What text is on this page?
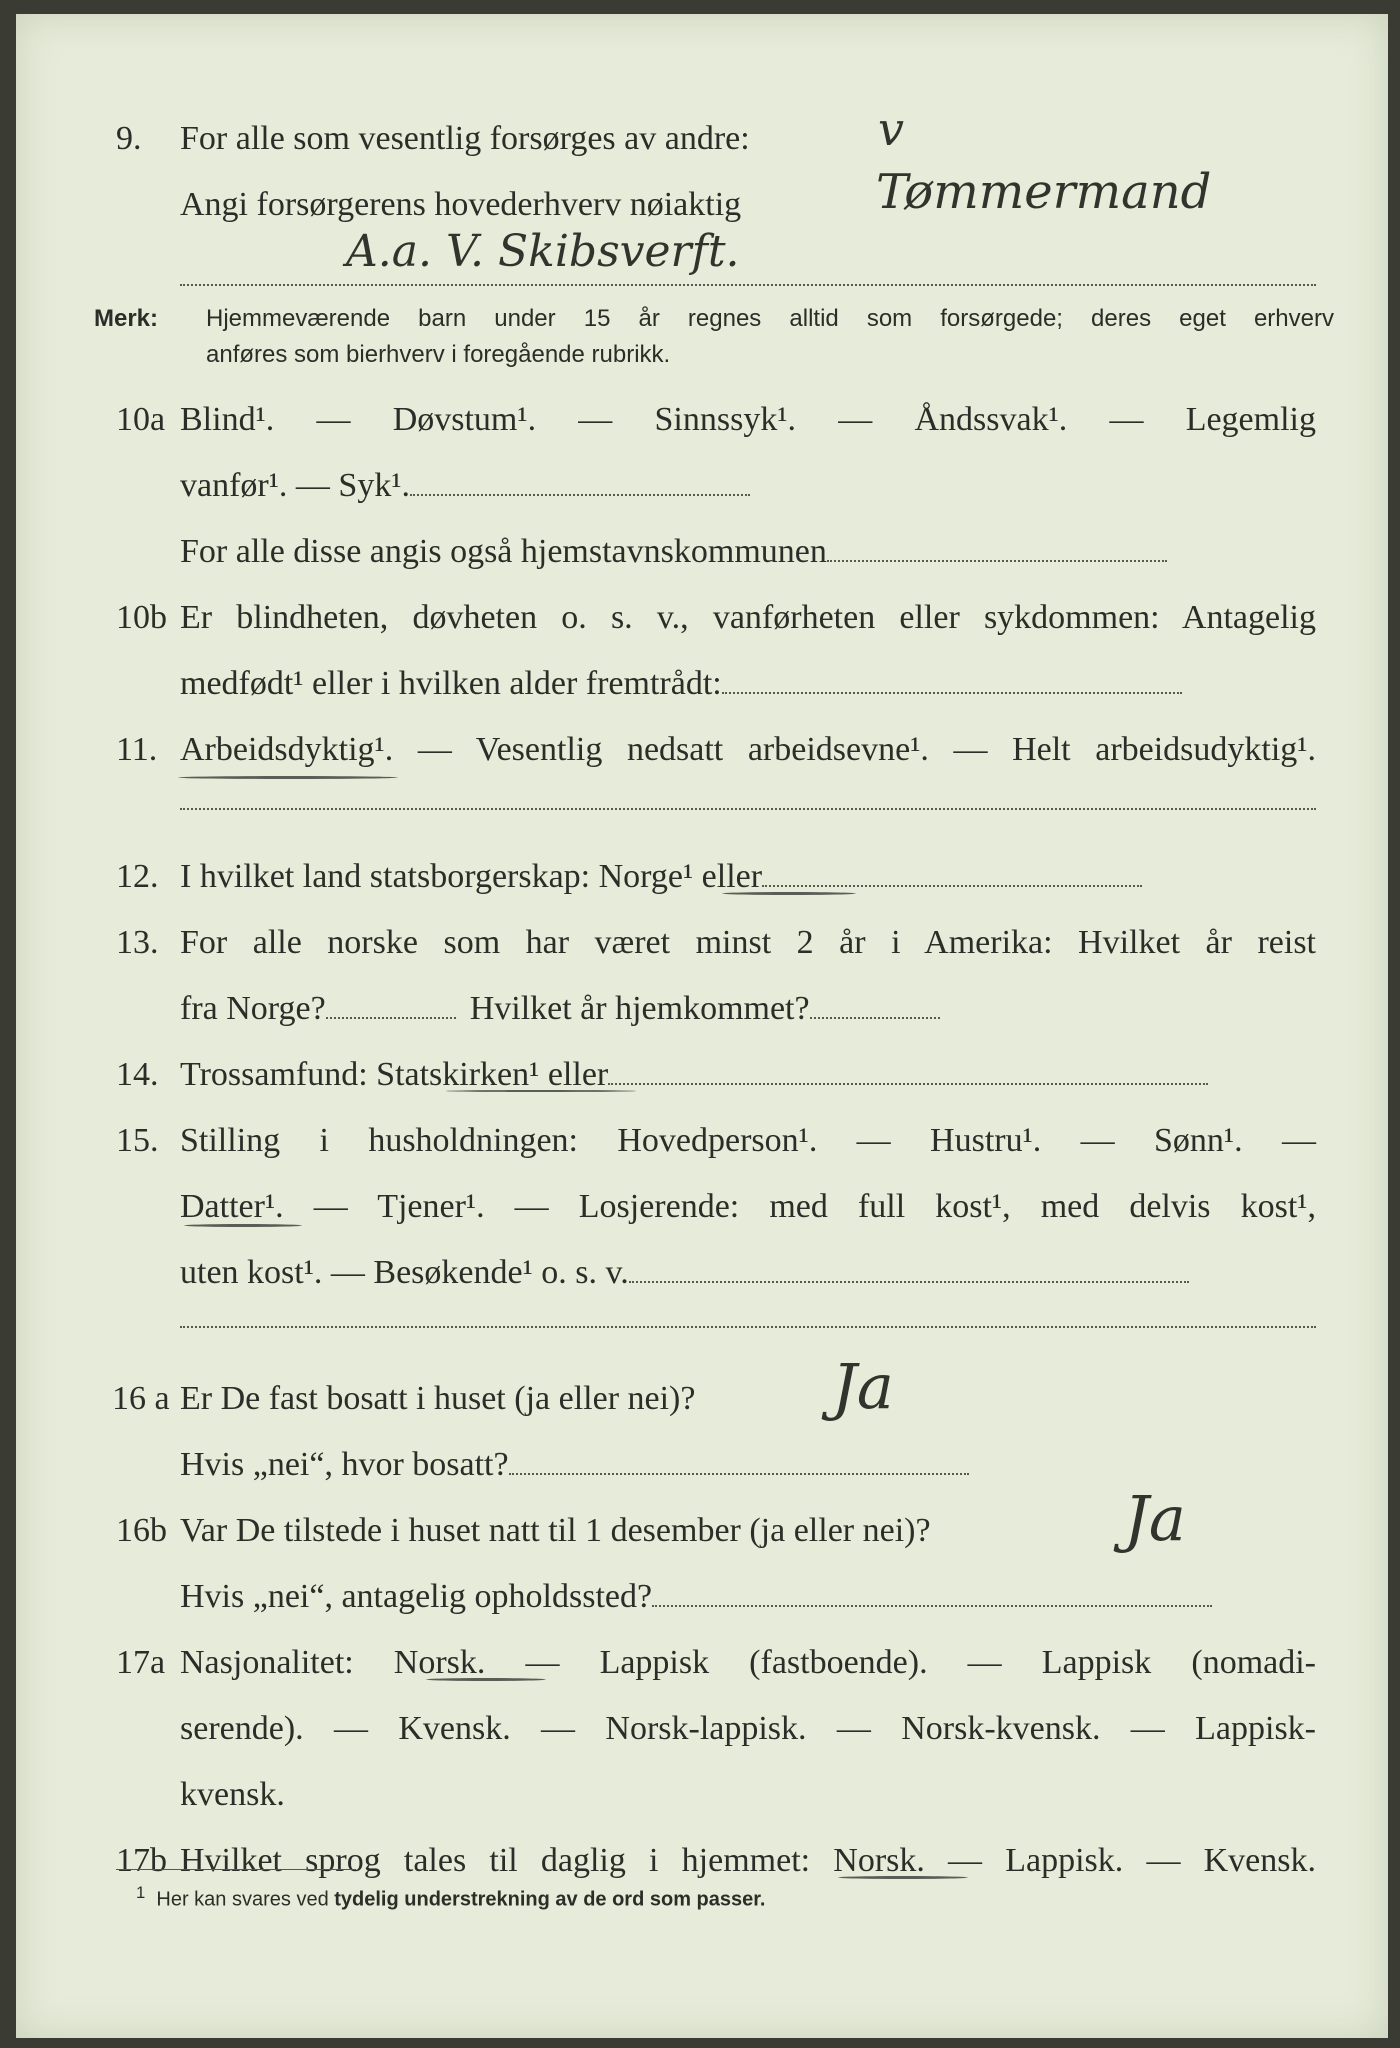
9. For alle som vesentlig forsørges av andre:	v
Angi forsørgerens hovederhverv nøiaktig	Tømmermand
A.a. V. Skibsverft.
Merk: Hjemmeværende barn under 15 år regnes alltid som forsørgede; deres eget erhverv
anføres som bierhverv i foregående rubrikk.
10a Blind¹. — Døvstum¹. — Sinnssyk¹. — Åndssvak¹. — Legemlig
vanfør¹. — Syk¹.
For alle disse angis også hjemstavnskommunen
10b Er blindheten, døvheten o. s. v., vanførheten eller sykdommen: Antagelig
medfødt¹ eller i hvilken alder fremtrådt:
11. Arbeidsdyktig¹. — Vesentlig nedsatt arbeidsevne¹. — Helt arbeidsudyktig¹.
12. I hvilket land statsborgerskap: Norge¹ eller
13. For alle norske som har været minst 2 år i Amerika: Hvilket år reist
fra Norge?	Hvilket år hjemkommet?
14. Trossamfund: Statskirken¹ eller
15. Stilling i husholdningen: Hovedperson¹. — Hustru¹. — Sønn¹. —
Datter¹. — Tjener¹. — Losjerende: med full kost¹, med delvis kost¹,
uten kost¹. — Besøkende¹ o. s. v.
16 a Er De fast bosatt i huset (ja eller nei)?	Ja
Hvis „nei“, hvor bosatt?
16b Var De tilstede i huset natt til 1 desember (ja eller nei)?	Ja
Hvis „nei“, antagelig opholdssted?
17a Nasjonalitet: Norsk. — Lappisk (fastboende). — Lappisk (nomadi-
serende). — Kvensk. — Norsk-lappisk. — Norsk-kvensk. — Lappisk-
kvensk.
17b Hvilket sprog tales til daglig i hjemmet: Norsk. — Lappisk. — Kvensk.
$^1$ Her kan svares ved tydelig understrekning av de ord som passer.
